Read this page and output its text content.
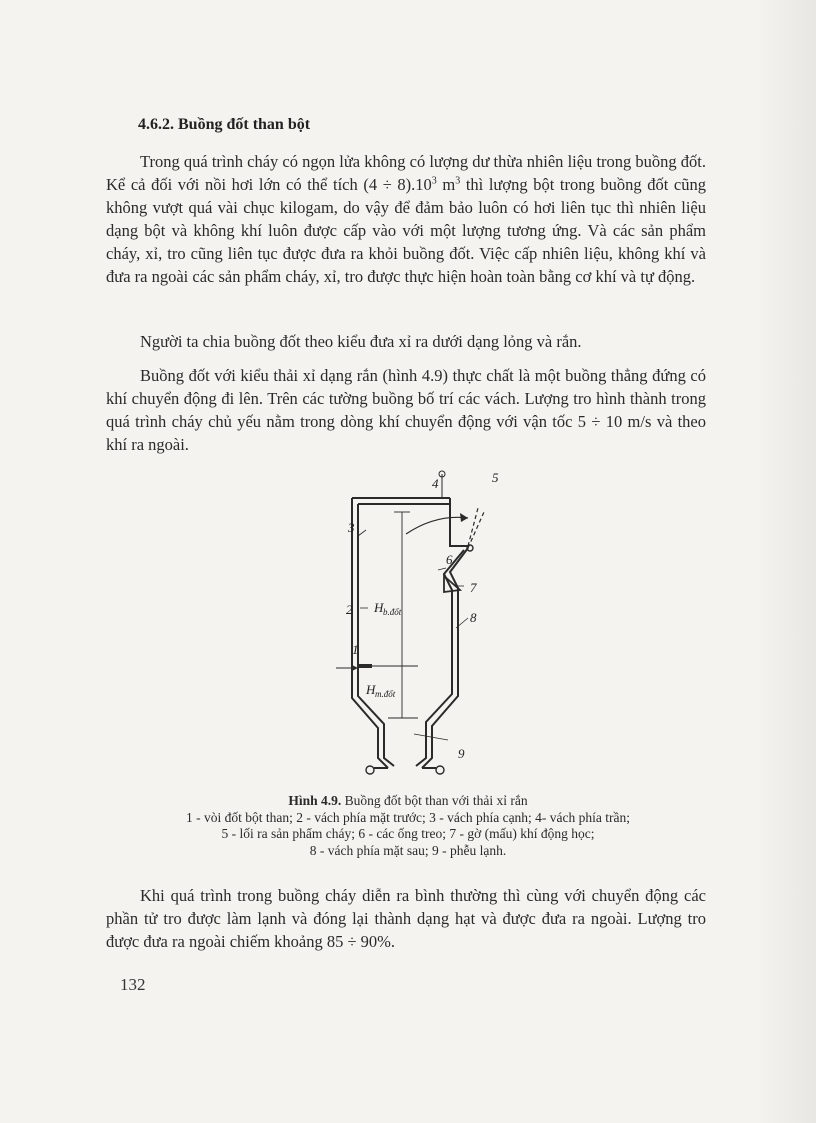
4.6.2. Buồng đốt than bột

Trong quá trình cháy có ngọn lửa không có lượng dư thừa nhiên liệu trong buồng đốt. Kể cả đối với nồi hơi lớn có thể tích $(4 \div 8).10^3$ $m^3$ thì lượng bột trong buồng đốt cũng không vượt quá vài chục kilogam, do vậy để đảm bảo luôn có hơi liên tục thì nhiên liệu dạng bột và không khí luôn được cấp vào với một lượng tương ứng. Và các sản phẩm cháy, xỉ, tro cũng liên tục được đưa ra khỏi buồng đốt. Việc cấp nhiên liệu, không khí và đưa ra ngoài các sản phẩm cháy, xỉ, tro được thực hiện hoàn toàn bằng cơ khí và tự động.

Người ta chia buồng đốt theo kiểu đưa xỉ ra dưới dạng lỏng và rắn.

Buồng đốt với kiểu thải xỉ dạng rắn (hình 4.9) thực chất là một buồng thẳng đứng có khí chuyển động đi lên. Trên các tường buồng bố trí các vách. Lượng tro hình thành trong quá trình cháy chủ yếu nằm trong dòng khí chuyển động với vận tốc 5 ÷ 10 m/s và theo khí ra ngoài.

3
2
1
4	5
6
7
8
9
H b.đốt
H m.đốt
Hình 4.9. Buồng đốt bột than với thải xỉ rắn
1 - vòi đốt bột than; 2 - vách phía mặt trước; 3 - vách phía cạnh; 4- vách phía trần;
5 - lối ra sản phẩm cháy; 6 - các ống treo; 7 - gờ (mấu) khí động học;
8 - vách phía mặt sau; 9 - phễu lạnh.

Khi quá trình trong buồng cháy diễn ra bình thường thì cùng với chuyển động các phần tử tro được làm lạnh và đóng lại thành dạng hạt và được đưa ra ngoài. Lượng tro được đưa ra ngoài chiếm khoảng 85 ÷ 90%.

132
